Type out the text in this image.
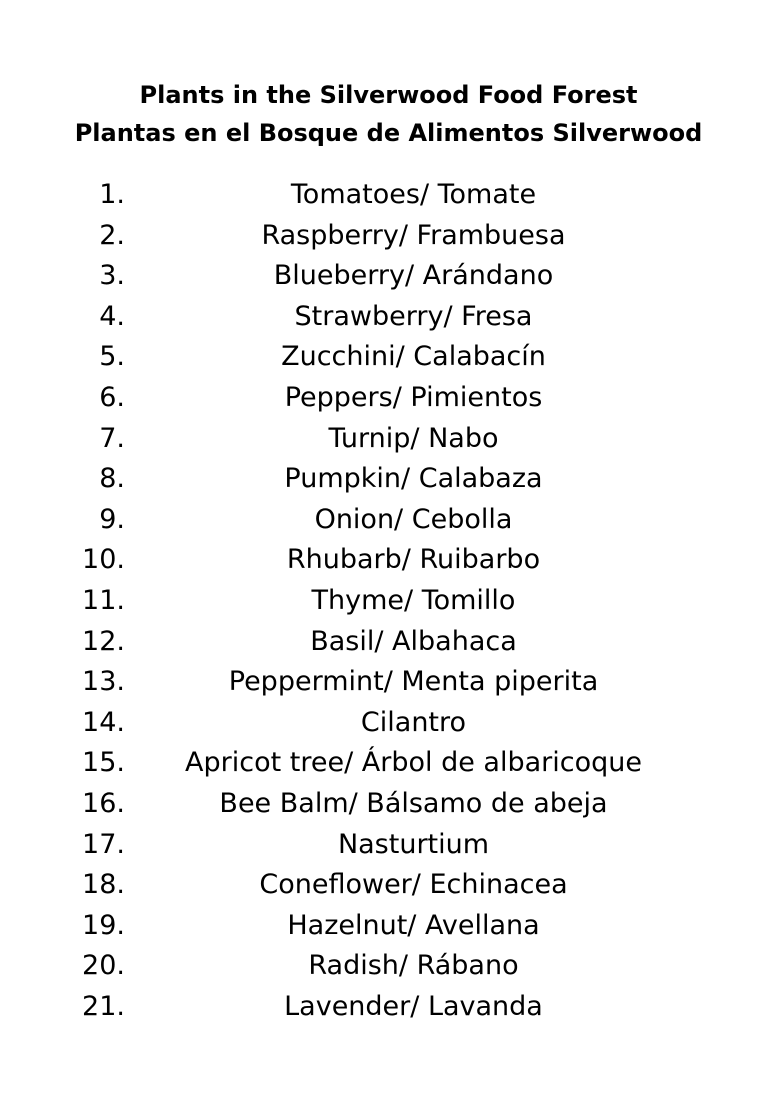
Plants in the Silverwood Food Forest
Plantas en el Bosque de Alimentos Silverwood
1.	Tomatoes/ Tomate
2.	Raspberry/ Frambuesa
3.	Blueberry/ Arándano
4.	Strawberry/ Fresa
5.	Zucchini/ Calabacín
6.	Peppers/ Pimientos
7.	Turnip/ Nabo
8.	Pumpkin/ Calabaza
9.	Onion/ Cebolla
10.	Rhubarb/ Ruibarbo
11.	Thyme/ Tomillo
12.	Basil/ Albahaca
13.	Peppermint/ Menta piperita
14.	Cilantro
15.	Apricot tree/ Árbol de albaricoque
16.	Bee Balm/ Bálsamo de abeja
17.	Nasturtium
18.	Coneflower/ Echinacea
19.	Hazelnut/ Avellana
20.	Radish/ Rábano
21.	Lavender/ Lavanda
